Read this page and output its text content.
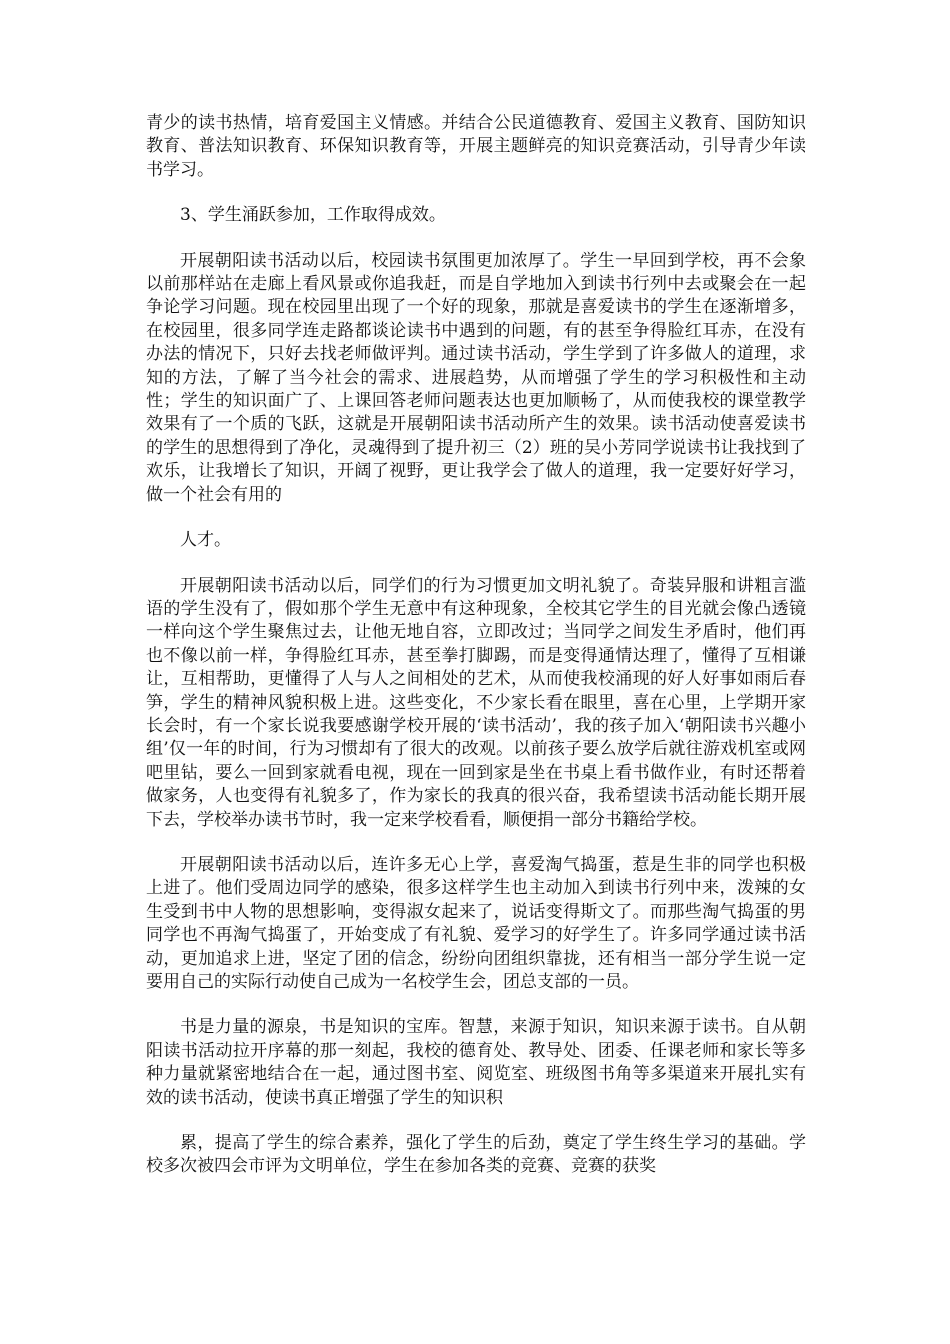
青少的读书热情，培育爱国主义情感。并结合公民道德教育、爱国主义教育、国防知识教育、普法知识教育、环保知识教育等，开展主题鲜亮的知识竞赛活动，引导青少年读书学习。

3、学生涌跃参加，工作取得成效。

开展朝阳读书活动以后，校园读书氛围更加浓厚了。学生一早回到学校，再不会象以前那样站在走廊上看风景或你追我赶，而是自学地加入到读书行列中去或聚会在一起争论学习问题。现在校园里出现了一个好的现象，那就是喜爱读书的学生在逐渐增多，在校园里，很多同学连走路都谈论读书中遇到的问题，有的甚至争得脸红耳赤，在没有办法的情况下，只好去找老师做评判。通过读书活动，学生学到了许多做人的道理，求知的方法，了解了当今社会的需求、进展趋势，从而增强了学生的学习积极性和主动性；学生的知识面广了、上课回答老师问题表达也更加顺畅了，从而使我校的课堂教学效果有了一个质的飞跃，这就是开展朝阳读书活动所产生的效果。读书活动使喜爱读书的学生的思想得到了净化，灵魂得到了提升初三（2）班的吴小芳同学说读书让我找到了欢乐，让我增长了知识，开阔了视野，更让我学会了做人的道理，我一定要好好学习，做一个社会有用的

人才。

开展朝阳读书活动以后，同学们的行为习惯更加文明礼貌了。奇装异服和讲粗言滥语的学生没有了，假如那个学生无意中有这种现象，全校其它学生的目光就会像凸透镜一样向这个学生聚焦过去，让他无地自容，立即改过；当同学之间发生矛盾时，他们再也不像以前一样，争得脸红耳赤，甚至拳打脚踢，而是变得通情达理了，懂得了互相谦让，互相帮助，更懂得了人与人之间相处的艺术，从而使我校涌现的好人好事如雨后春笋，学生的精神风貌积极上进。这些变化，不少家长看在眼里，喜在心里，上学期开家长会时，有一个家长说我要感谢学校开展的‘读书活动’，我的孩子加入‘朝阳读书兴趣小组’仅一年的时间，行为习惯却有了很大的改观。以前孩子要么放学后就往游戏机室或网吧里钻，要么一回到家就看电视，现在一回到家是坐在书桌上看书做作业，有时还帮着做家务，人也变得有礼貌多了，作为家长的我真的很兴奋，我希望读书活动能长期开展下去，学校举办读书节时，我一定来学校看看，顺便捐一部分书籍给学校。

开展朝阳读书活动以后，连许多无心上学，喜爱淘气捣蛋，惹是生非的同学也积极上进了。他们受周边同学的感染，很多这样学生也主动加入到读书行列中来，泼辣的女生受到书中人物的思想影响，变得淑女起来了，说话变得斯文了。而那些淘气捣蛋的男同学也不再淘气捣蛋了，开始变成了有礼貌、爱学习的好学生了。许多同学通过读书活动，更加追求上进，坚定了团的信念，纷纷向团组织靠拢，还有相当一部分学生说一定要用自己的实际行动使自己成为一名校学生会，团总支部的一员。

书是力量的源泉，书是知识的宝库。智慧，来源于知识，知识来源于读书。自从朝阳读书活动拉开序幕的那一刻起，我校的德育处、教导处、团委、任课老师和家长等多种力量就紧密地结合在一起，通过图书室、阅览室、班级图书角等多渠道来开展扎实有效的读书活动，使读书真正增强了学生的知识积

累，提高了学生的综合素养，强化了学生的后劲，奠定了学生终生学习的基础。学校多次被四会市评为文明单位，学生在参加各类的竞赛、竞赛的获奖
